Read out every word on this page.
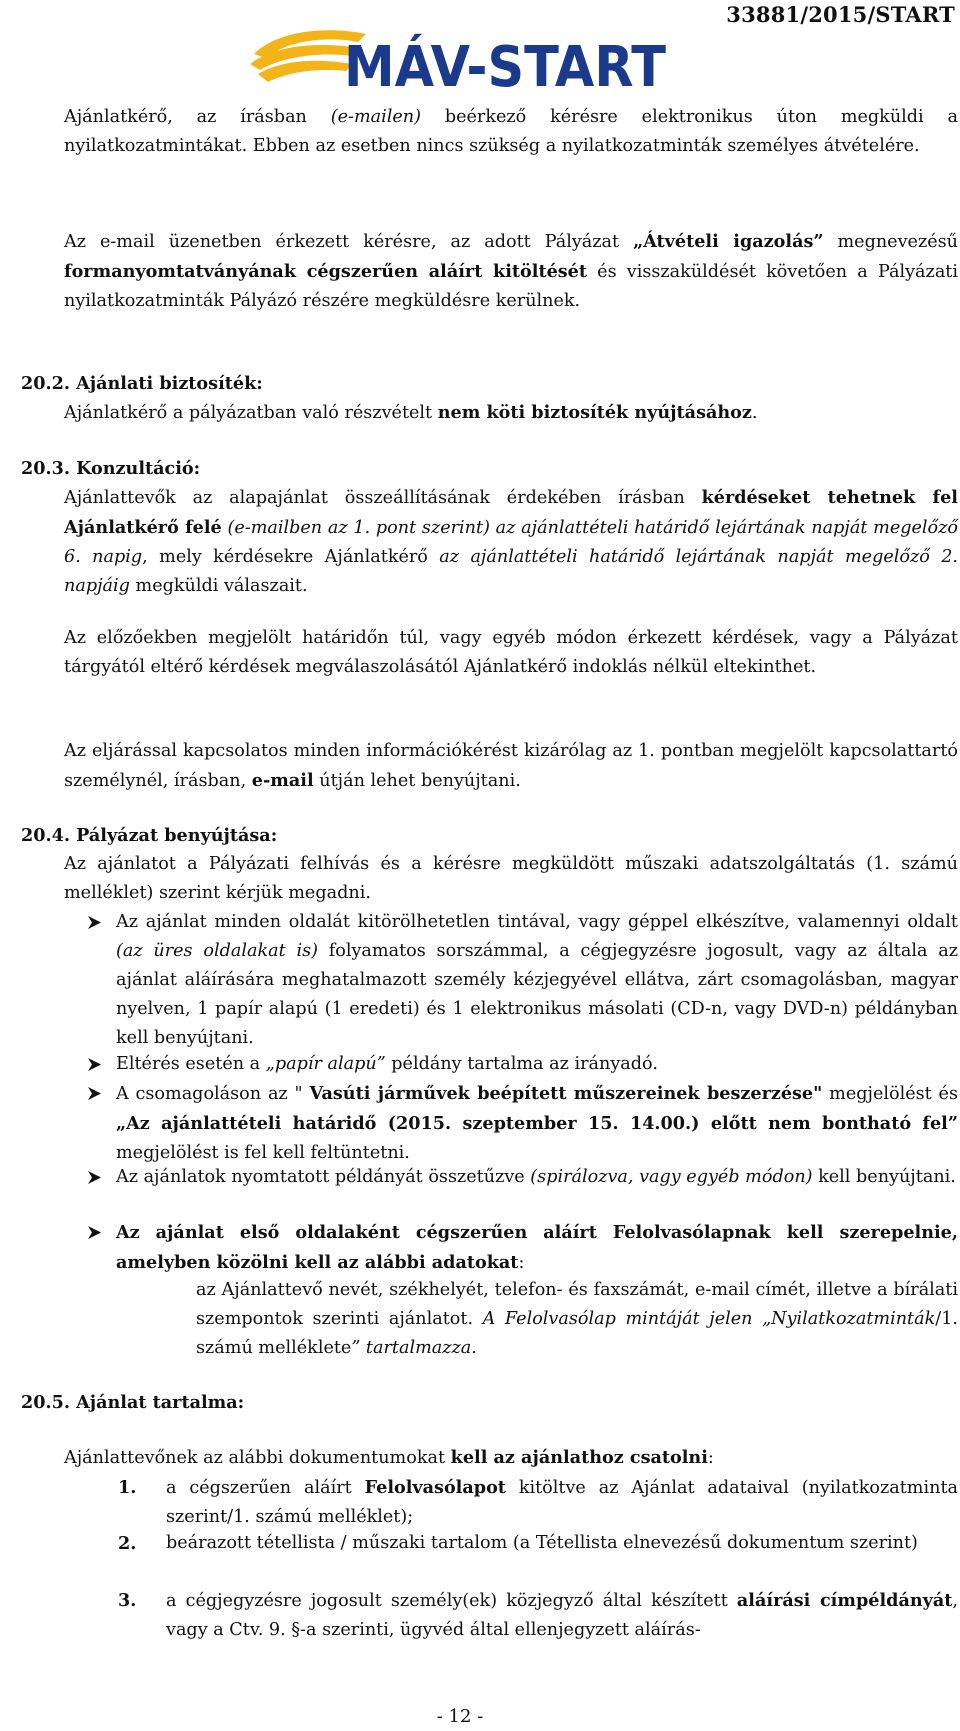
33881/2015/START
MÁV-START
Ajánlatkérő, az írásban (e-mailen) beérkező kérésre elektronikus úton megküldi a nyilatkozatmintákat. Ebben az esetben nincs szükség a nyilatkozatminták személyes átvételére.
Az e-mail üzenetben érkezett kérésre, az adott Pályázat „Átvételi igazolás” megnevezésű formanyomtatványának cégszerűen aláírt kitöltését és visszaküldését követően a Pályázati nyilatkozatminták Pályázó részére megküldésre kerülnek.
20.2. Ajánlati biztosíték:
Ajánlatkérő a pályázatban való részvételt nem köti biztosíték nyújtásához.
20.3. Konzultáció:
Ajánlattevők az alapajánlat összeállításának érdekében írásban kérdéseket tehetnek fel Ajánlatkérő felé (e-mailben az 1. pont szerint) az ajánlattételi határidő lejártának napját megelőző 6. napig, mely kérdésekre Ajánlatkérő az ajánlattételi határidő lejártának napját megelőző 2. napjáig megküldi válaszait.
Az előzőekben megjelölt határidőn túl, vagy egyéb módon érkezett kérdések, vagy a Pályázat tárgyától eltérő kérdések megválaszolásától Ajánlatkérő indoklás nélkül eltekinthet.
Az eljárással kapcsolatos minden információkérést kizárólag az 1. pontban megjelölt kapcsolattartó személynél, írásban, e-mail útján lehet benyújtani.
20.4. Pályázat benyújtása:
Az ajánlatot a Pályázati felhívás és a kérésre megküldött műszaki adatszolgáltatás (1. számú melléklet) szerint kérjük megadni.
Az ajánlat minden oldalát kitörölhetetlen tintával, vagy géppel elkészítve, valamennyi oldalt (az üres oldalakat is) folyamatos sorszámmal, a cégjegyzésre jogosult, vagy az általa az ajánlat aláírására meghatalmazott személy kézjegyével ellátva, zárt csomagolásban, magyar nyelven, 1 papír alapú (1 eredeti) és 1 elektronikus másolati (CD-n, vagy DVD-n) példányban kell benyújtani.
Eltérés esetén a „papír alapú” példány tartalma az irányadó.
A csomagoláson az " Vasúti járművek beépített műszereinek beszerzése" megjelölést és „Az ajánlattételi határidő (2015. szeptember 15. 14.00.) előtt nem bontható fel” megjelölést is fel kell feltüntetni.
Az ajánlatok nyomtatott példányát összetűzve (spirálozva, vagy egyéb módon) kell benyújtani.
Az ajánlat első oldalaként cégszerűen aláírt Felolvasólapnak kell szerepelnie, amelyben közölni kell az alábbi adatokat:
az Ajánlattevő nevét, székhelyét, telefon- és faxszámát, e-mail címét, illetve a bírálati szempontok szerinti ajánlatot. A Felolvasólap mintáját jelen „Nyilatkozatminták/1. számú melléklete” tartalmazza.
20.5. Ajánlat tartalma:
Ajánlattevőnek az alábbi dokumentumokat kell az ajánlathoz csatolni:
1. a cégszerűen aláírt Felolvasólapot kitöltve az Ajánlat adataival (nyilatkozatminta szerint/1. számú melléklet);
2. beárazott tétellista / műszaki tartalom (a Tétellista elnevezésű dokumentum szerint)
3. a cégjegyzésre jogosult személy(ek) közjegyző által készített aláírási címpéldányát, vagy a Ctv. 9. §-a szerinti, ügyvéd által ellenjegyzett aláírás-
- 12 -
